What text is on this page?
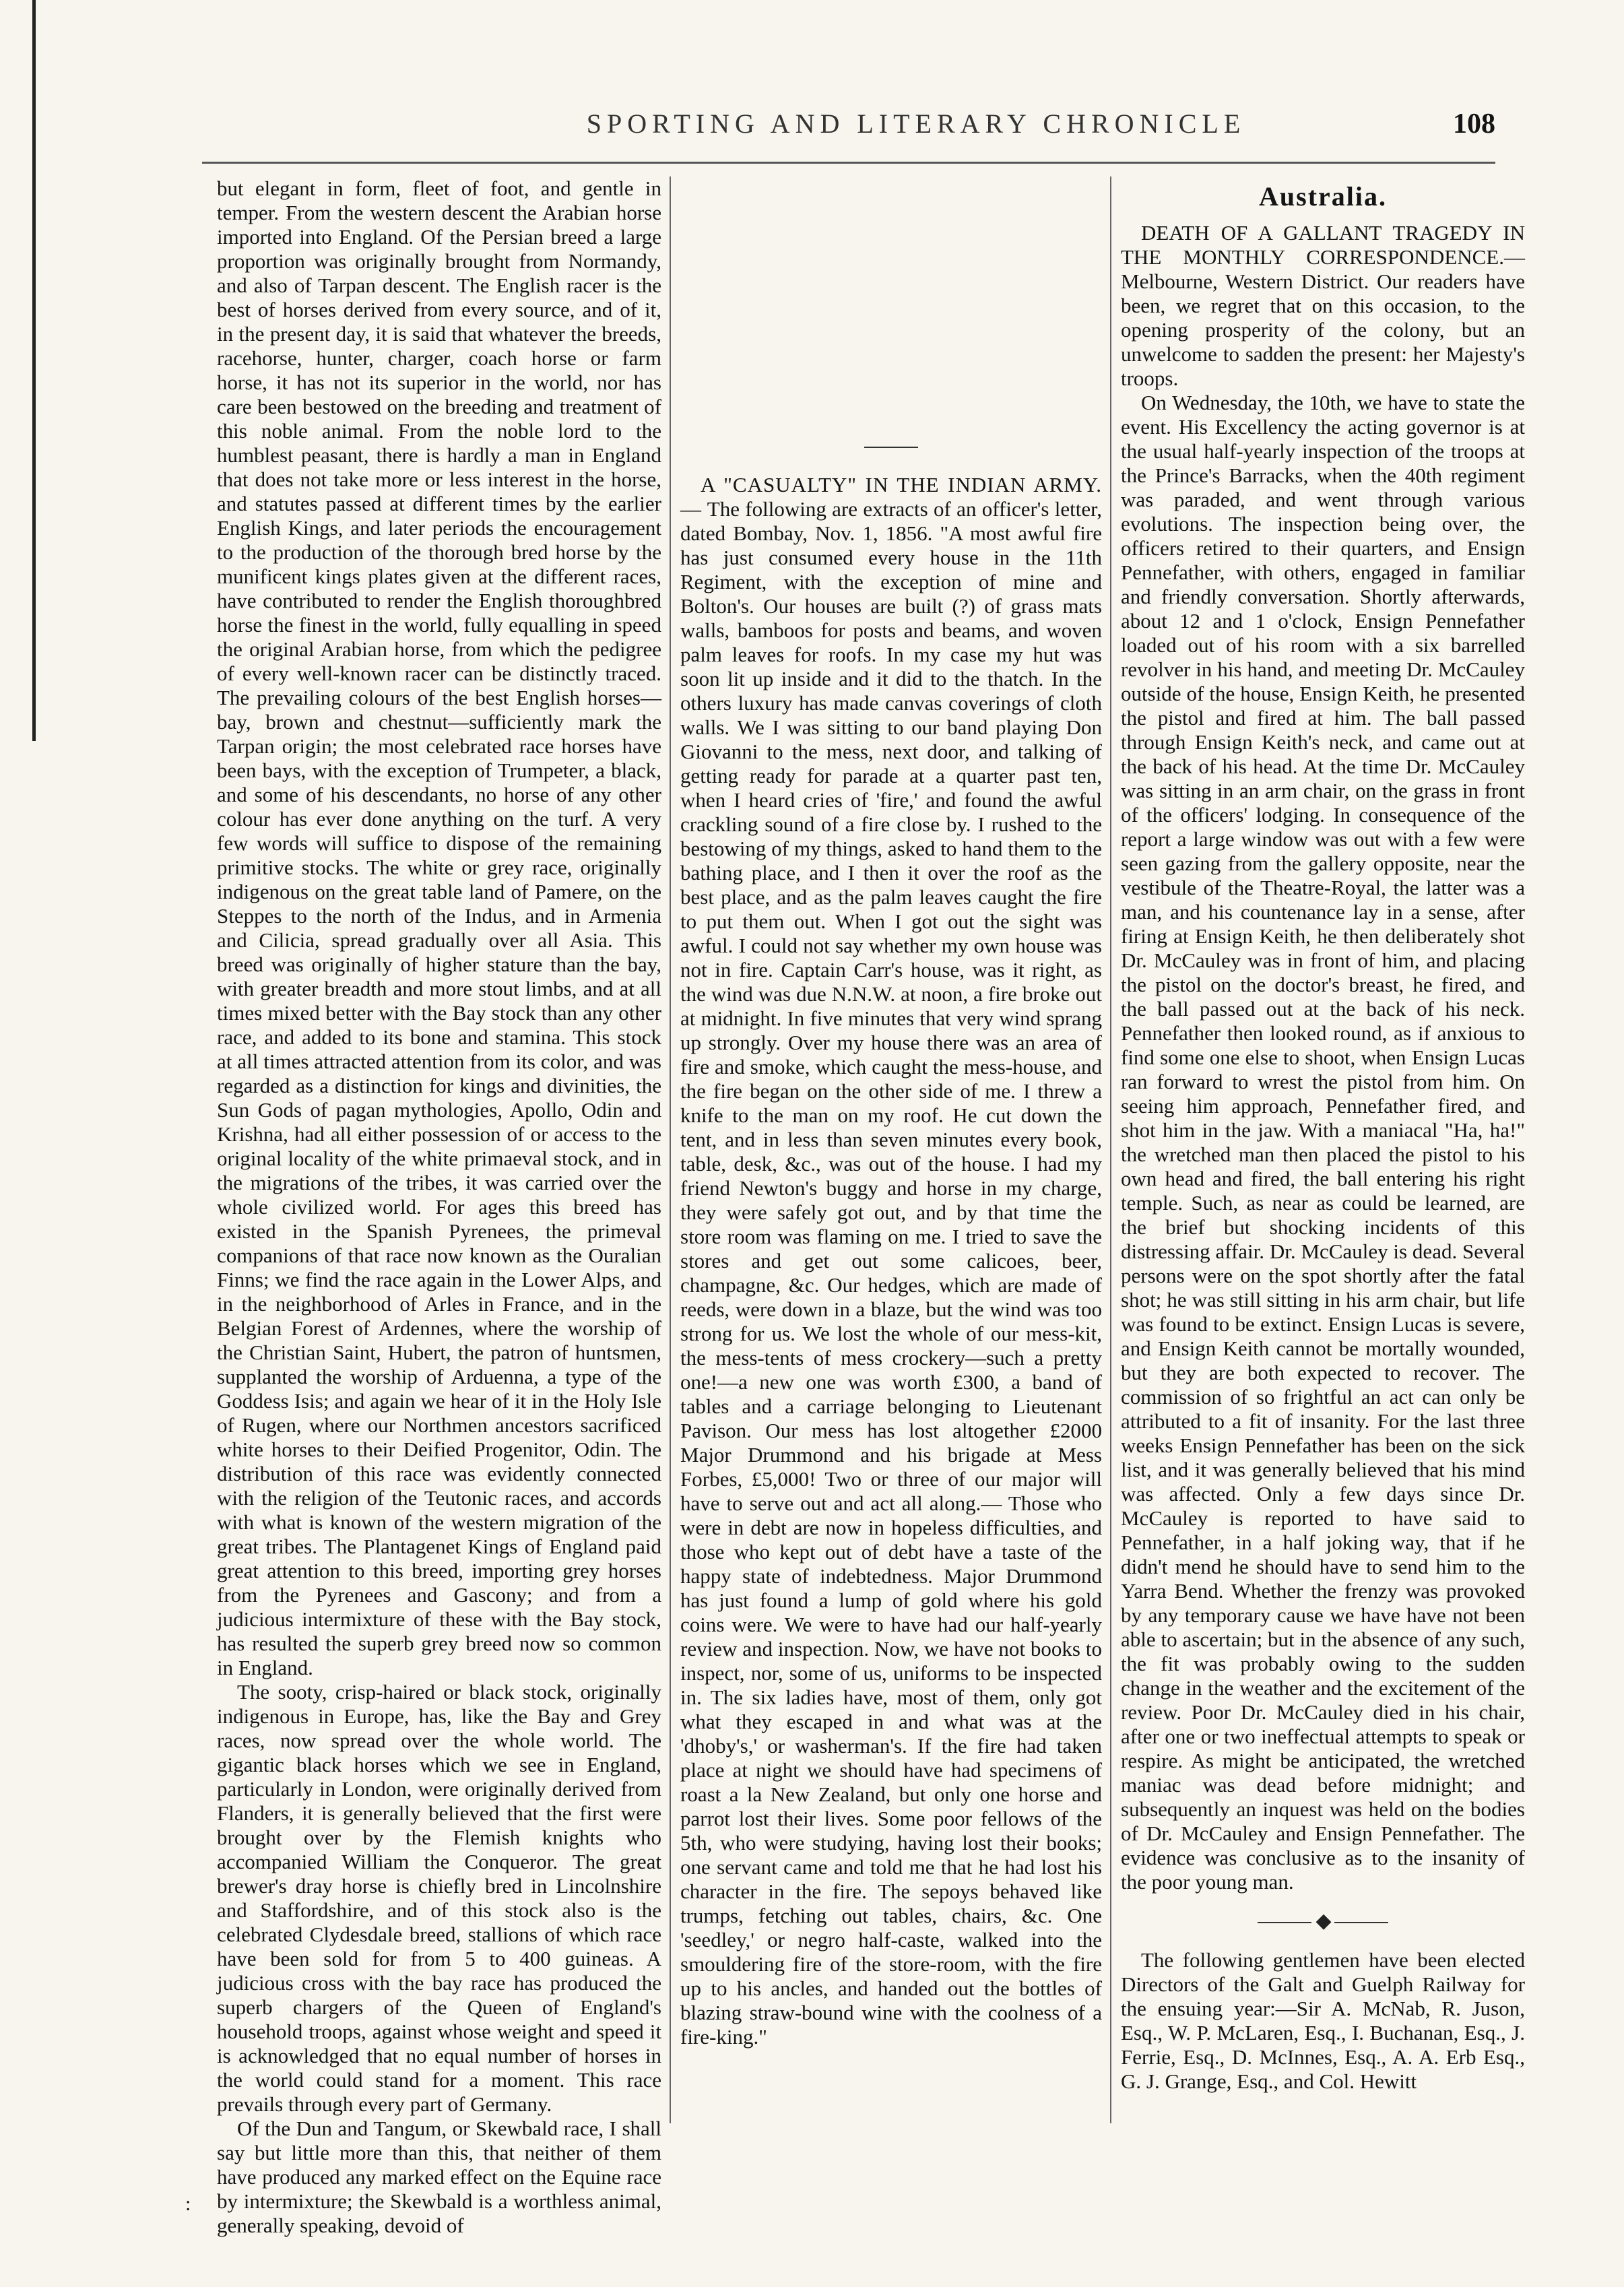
SPORTING AND LITERARY CHRONICLE	108

but elegant in form, fleet of foot, and gentle in temper. From the western descent the Arabian horse imported into England. Of the Persian breed a large proportion was originally brought from Normandy, and also of Tarpan descent. The English racer is the best of horses derived from every source, and of it, in the present day, it is said that whatever the breeds, racehorse, hunter, charger, coach horse or farm horse, it has not its superior in the world, nor has care been bestowed on the breeding and treatment of this noble animal. From the noble lord to the humblest peasant, there is hardly a man in England that does not take more or less interest in the horse, and statutes passed at different times by the earlier English Kings, and later periods the encouragement to the production of the thorough bred horse by the munificent kings plates given at the different races, have contributed to render the English thoroughbred horse the finest in the world, fully equalling in speed the original Arabian horse, from which the pedigree of every well-known racer can be distinctly traced. The prevailing colours of the best English horses—bay, brown and chestnut—sufficiently mark the Tarpan origin; the most celebrated race horses have been bays, with the exception of Trumpeter, a black, and some of his descendants, no horse of any other colour has ever done anything on the turf. A very few words will suffice to dispose of the remaining primitive stocks. The white or grey race, originally indigenous on the great table land of Pamere, on the Steppes to the north of the Indus, and in Armenia and Cilicia, spread gradually over all Asia. This breed was originally of higher stature than the bay, with greater breadth and more stout limbs, and at all times mixed better with the Bay stock than any other race, and added to its bone and stamina. This stock at all times attracted attention from its color, and was regarded as a distinction for kings and divinities, the Sun Gods of pagan mythologies, Apollo, Odin and Krishna, had all either possession of or access to the original locality of the white primaeval stock, and in the migrations of the tribes, it was carried over the whole civilized world. For ages this breed has existed in the Spanish Pyrenees, the primeval companions of that race now known as the Ouralian Finns; we find the race again in the Lower Alps, and in the neighborhood of Arles in France, and in the Belgian Forest of Ardennes, where the worship of the Christian Saint, Hubert, the patron of huntsmen, supplanted the worship of Arduenna, a type of the Goddess Isis; and again we hear of it in the Holy Isle of Rugen, where our Northmen ancestors sacrificed white horses to their Deified Progenitor, Odin. The distribution of this race was evidently connected with the religion of the Teutonic races, and accords with what is known of the western migration of the great tribes. The Plantagenet Kings of England paid great attention to this breed, importing grey horses from the Pyrenees and Gascony; and from a judicious intermixture of these with the Bay stock, has resulted the superb grey breed now so common in England.

The sooty, crisp-haired or black stock, originally indigenous in Europe, has, like the Bay and Grey races, now spread over the whole world. The gigantic black horses which we see in England, particularly in London, were originally derived from Flanders, it is generally believed that the first were brought over by the Flemish knights who accompanied William the Conqueror. The great brewer's dray horse is chiefly bred in Lincolnshire and Staffordshire, and of this stock also is the celebrated Clydesdale breed, stallions of which race have been sold for from 5 to 400 guineas. A judicious cross with the bay race has produced the superb chargers of the Queen of England's household troops, against whose weight and speed it is acknowledged that no equal number of horses in the world could stand for a moment. This race prevails through every part of Germany.

Of the Dun and Tangum, or Skewbald race, I shall say but little more than this, that neither of them have produced any marked effect on the Equine race by intermixture; the Skewbald is a worthless animal, generally speaking, devoid of

A "CASUALTY" IN THE INDIAN ARMY.— The following are extracts of an officer's letter, dated Bombay, Nov. 1, 1856. "A most awful fire has just consumed every house in the 11th Regiment, with the exception of mine and Bolton's. Our houses are built (?) of grass mats walls, bamboos for posts and beams, and woven palm leaves for roofs. In my case my hut was soon lit up inside and it did to the thatch. In the others luxury has made canvas coverings of cloth walls. We I was sitting to our band playing Don Giovanni to the mess, next door, and talking of getting ready for parade at a quarter past ten, when I heard cries of 'fire,' and found the awful crackling sound of a fire close by. I rushed to the bestowing of my things, asked to hand them to the bathing place, and I then it over the roof as the best place, and as the palm leaves caught the fire to put them out. When I got out the sight was awful. I could not say whether my own house was not in fire. Captain Carr's house, was it right, as the wind was due N.N.W. at noon, a fire broke out at midnight. In five minutes that very wind sprang up strongly. Over my house there was an area of fire and smoke, which caught the mess-house, and the fire began on the other side of me. I threw a knife to the man on my roof. He cut down the tent, and in less than seven minutes every book, table, desk, &c., was out of the house. I had my friend Newton's buggy and horse in my charge, they were safely got out, and by that time the store room was flaming on me. I tried to save the stores and get out some calicoes, beer, champagne, &c. Our hedges, which are made of reeds, were down in a blaze, but the wind was too strong for us. We lost the whole of our mess-kit, the mess-tents of mess crockery—such a pretty one!—a new one was worth £300, a band of tables and a carriage belonging to Lieutenant Pavison. Our mess has lost altogether £2000 Major Drummond and his brigade at Mess Forbes, £5,000! Two or three of our major will have to serve out and act all along.— Those who were in debt are now in hopeless difficulties, and those who kept out of debt have a taste of the happy state of indebtedness. Major Drummond has just found a lump of gold where his gold coins were. We were to have had our half-yearly review and inspection. Now, we have not books to inspect, nor, some of us, uniforms to be inspected in. The six ladies have, most of them, only got what they escaped in and what was at the 'dhoby's,' or washerman's. If the fire had taken place at night we should have had specimens of roast a la New Zealand, but only one horse and parrot lost their lives. Some poor fellows of the 5th, who were studying, having lost their books; one servant came and told me that he had lost his character in the fire. The sepoys behaved like trumps, fetching out tables, chairs, &c. One 'seedley,' or negro half-caste, walked into the smouldering fire of the store-room, with the fire up to his ancles, and handed out the bottles of blazing straw-bound wine with the coolness of a fire-king."

Australia.

DEATH OF A GALLANT TRAGEDY IN THE MONTHLY CORRESPONDENCE.—Melbourne, Western District. Our readers have been, we regret that on this occasion, to the opening prosperity of the colony, but an unwelcome to sadden the present: her Majesty's troops.

On Wednesday, the 10th, we have to state the event. His Excellency the acting governor is at the usual half-yearly inspection of the troops at the Prince's Barracks, when the 40th regiment was paraded, and went through various evolutions. The inspection being over, the officers retired to their quarters, and Ensign Pennefather, with others, engaged in familiar and friendly conversation. Shortly afterwards, about 12 and 1 o'clock, Ensign Pennefather loaded out of his room with a six barrelled revolver in his hand, and meeting Dr. McCauley outside of the house, Ensign Keith, he presented the pistol and fired at him. The ball passed through Ensign Keith's neck, and came out at the back of his head. At the time Dr. McCauley was sitting in an arm chair, on the grass in front of the officers' lodging. In consequence of the report a large window was out with a few were seen gazing from the gallery opposite, near the vestibule of the Theatre-Royal, the latter was a man, and his countenance lay in a sense, after firing at Ensign Keith, he then deliberately shot Dr. McCauley was in front of him, and placing the pistol on the doctor's breast, he fired, and the ball passed out at the back of his neck. Pennefather then looked round, as if anxious to find some one else to shoot, when Ensign Lucas ran forward to wrest the pistol from him. On seeing him approach, Pennefather fired, and shot him in the jaw. With a maniacal "Ha, ha!" the wretched man then placed the pistol to his own head and fired, the ball entering his right temple. Such, as near as could be learned, are the brief but shocking incidents of this distressing affair. Dr. McCauley is dead. Several persons were on the spot shortly after the fatal shot; he was still sitting in his arm chair, but life was found to be extinct. Ensign Lucas is severe, and Ensign Keith cannot be mortally wounded, but they are both expected to recover. The commission of so frightful an act can only be attributed to a fit of insanity. For the last three weeks Ensign Pennefather has been on the sick list, and it was generally believed that his mind was affected. Only a few days since Dr. McCauley is reported to have said to Pennefather, in a half joking way, that if he didn't mend he should have to send him to the Yarra Bend. Whether the frenzy was provoked by any temporary cause we have have not been able to ascertain; but in the absence of any such, the fit was probably owing to the sudden change in the weather and the excitement of the review. Poor Dr. McCauley died in his chair, after one or two ineffectual attempts to speak or respire. As might be anticipated, the wretched maniac was dead before midnight; and subsequently an inquest was held on the bodies of Dr. McCauley and Ensign Pennefather. The evidence was conclusive as to the insanity of the poor young man.

◆

The following gentlemen have been elected Directors of the Galt and Guelph Railway for the ensuing year:—Sir A. McNab, R. Juson, Esq., W. P. McLaren, Esq., I. Buchanan, Esq., J. Ferrie, Esq., D. McInnes, Esq., A. A. Erb Esq., G. J. Grange, Esq., and Col. Hewitt

:
